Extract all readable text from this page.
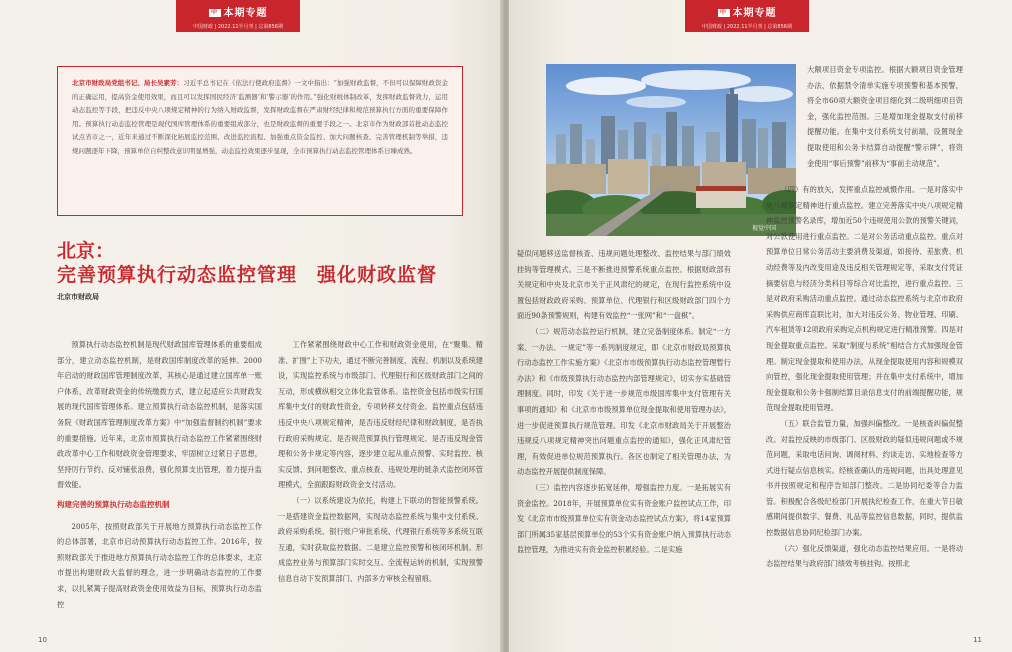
中 本期专题
中国财政 | 2022.11半月刊 | 总第856期
北京市财政局党组书记、局长吴素芳：习近平总书记在《依法行使政府监督》一文中指出：“加强财政监督，不但可以保障财政资金的正确运用，提高资金使用效果，而且可以发挥国民经济‘监测器’和‘警示器’的作用。”强化财税体制改革，发挥财政监督效力，运用动态监控等手段，把违反中央八项规定精神的行为纳入财政监督，发挥财政监督在严肃财经纪律和规范预算执行方面的重要保障作用。预算执行动态监控管理是现代国库管理体系的重要组成部分，也是财政监督的重要手段之一。北京市作为财政部首批动态监控试点省市之一，近年来通过不断深化拓展监控范围、改进监控流程、加强重点资金监控、加大问题核查、完善管理机制等举措，违规问题逐年下降，预算单位自纠整改意识明显增强，动态监控效果逐步显现，全市预算执行动态监控管理体系日臻成熟。
北京：
完善预算执行动态监控管理　强化财政监督
北京市财政局

预算执行动态监控机制是现代财政国库管理体系的重要组成部分，建立动态监控机制，是财政国库制度改革的延伸。2000年启动的财政国库管理制度改革，其核心是通过建立国库单一账户体系，改革财政资金的传统缴拨方式，建立起适应公共财政发展的现代国库管理体系。建立预算执行动态监控机制，是落实国务院《财政国库管理制度改革方案》中“加强监督制约机制”要求的重要措施。近年来，北京市预算执行动态监控工作紧紧围绕财政改革中心工作和财政资金管理要求，牢固树立过紧日子思想，坚持厉行节约、反对铺张浪费，强化预算支出管理，着力提升监督效能。

构建完善的预算执行动态监控机制

2005年，按照财政部关于开展地方预算执行动态监控工作的总体部署，北京市启动预算执行动态监控工作。2016年，按照财政部关于推进地方预算执行动态监控工作的总体要求，北京市提出构建财政大监督的理念，进一步明确动态监控的工作要求，以扎紧篱子提高财政资金使用效益为目标，预算执行动态监控

工作紧紧围绕财政中心工作和财政资金使用，在“聚集、精准、扩围”上下功夫，通过不断完善制度、流程、机制以及系统建设，实现监控系统与市级部门、代理银行和区级财政部门之间的互动，形成横纵相交立体化监管体系。监控资金包括市级实行国库集中支付的财政性资金，专项转移支付资金。监控重点包括违违反中央八项规定精神，是否违反财经纪律和财政制度，是否执行政府采购规定、是否规范预算执行管理规定、是否违反现金管理和公务卡规定等内容，逐步建立起从重点预警、实时监控、核实反馈、到问题整改、重点核查、违规处理的链条式监控闭环管理模式，全面跟踪财政资金支付活动。

（一）以系统建设为依托，构建上下联动的智能预警系统。一是搭建资金监控数据网，实现动态监控系统与集中支付系统、政府采购系统、银行账户审批系统、代理银行系统等多系统互联互通，实时获取监控数据。二是建立监控预警和核闭环机制。形成监控业务与预算部门实时交互、全流程运转的机制，实现预警信息自动下发预算部门、内部多方审核全程留痕、

10
中 本期专题
中国财政 | 2022.11半月刊 | 总第856期
视觉中国

大额项目资金专项监控。根据大额项目资金管理办法，依据禁令清单实施专项预警和基本预警，将全市60项大额资金项目细化到二级明细项目资金，强化监控范围。三是增加现金提取支付前移提醒功能。在集中支付系统支付前端，设置现金提取使用和公务卡结算自动提醒“警示牌”，将资金使用“事后预警”前移为“事前主动规范”。

疑似问题移送监督核查、违规问题处理整改、监控结果与部门绩效挂钩等管理模式。三是不断推进预警系统重点监控。根据财政部有关规定和中央及北京市关于正风肃纪的规定，在现行监控系统中设置包括财政政府采购、预算单位、代理银行和区级财政部门四个方面近90条预警规则，构建有效监控“一张网”和“一盘棋”。

（二）规范动态监控运行机制，建立完备制度体系。制定“一方案、一办法、一规定”等一系列制度规定，即《北京市财政局预算执行动态监控工作实施方案》《北京市市级预算执行动态监控管理暂行办法》和《市级预算执行动态监控内部管理规定》，切实夯实基础管理制度。同时，印发《关于进一步规范市级国库集中支付管理有关事项的通知》和《北京市市级预算单位现金提取和使用管理办法》，进一步促进预算执行规范管理。印发《北京市财政局关于开展整治违规反八项规定精神突出问题重点监控的通知》，强化正风肃纪管理，有效促进单位规范预算执行。各区也制定了相关管理办法，为动态监控开展提供制度保障。

（三）监控内容逐步拓宽延伸，增强监控力度。一是拓展实有资金监控。2018年，开展预算单位实有资金账户监控试点工作，印发《北京市市级预算单位实有资金动态监控试点方案》，将14家预算部门所属35家基层预算单位的53个实有资金账户纳入预算执行动态监控管理，为推进实有资金监控积累经验。二是实施

（四）有的放矢，发挥重点监控威慑作用。一是对落实中央八项规定精神进行重点监控。建立完善落实中央八项规定精神监控预警名录库，增加近50个违规使用公款的预警关键词，对公款使用进行重点监控。二是对公务活动重点监控。重点对预算单位日常公务活动主要消费及渠道，如接待、差旅费、机动经费等及内改变用途及违反相关管理规定等，采取支付凭证摘要信息与经济分类科目等综合对比监控，进行重点监控。三是对政府采购活动重点监控。通过动态监控系统与北京市政府采购供应商库直联比对，加大对违反公务、物业管理、印刷、汽车租赁等12项政府采购定点机构规定进行精准预警。四是对现金提取重点监控。采取“制度与系统”相结合方式加强现金管理。制定现金提取和使用办法，从现金提取使用内容和规模双向管控，强化现金提取使用管理；并在集中支付系统中，增加现金提取和公务卡强制结算目录信息支付的前端提醒功能，规范现金提取使用管理。

（五）联合监管力量，加强纠偏整改。一是核查纠偏促整改。对监控反映的市级部门、区级财政的疑似违规问题或不规范问题，采取电话问询、调阅材料、约谈走访、实地检查等方式进行疑点信息核实。经核查确认的违规问题，出具处理意见书并按照规定和程序告知部门整改。二是协同纪委等合力监管。积极配合各级纪检部门开展执纪检查工作，在重大节日敏感期间提供数字、餐费、礼品等监控信息数据，同时，提供监控数据信息协同纪检部门办案。

（六）强化反馈渠道，强化动态监控结果应用。一是将动态监控结果与政府部门绩效考核挂钩。按照北

11
